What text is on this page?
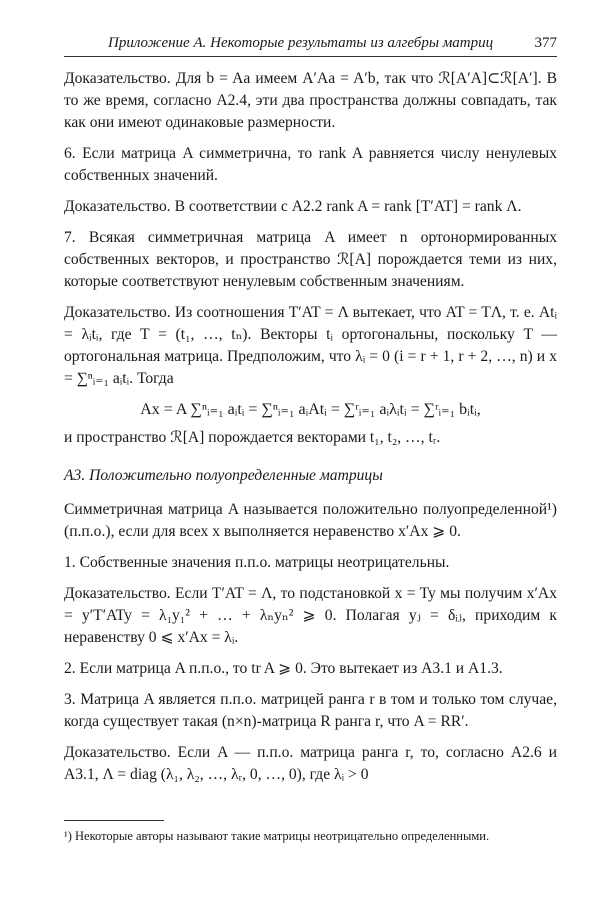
Приложение А. Некоторые результаты из алгебры матриц	377

Доказательство. Для b = Aa имеем A′Aa = A′b, так что ℛ[A′A]⊂ℛ[A′]. В то же время, согласно A2.4, эти два пространства должны совпадать, так как они имеют одинаковые размерности.

6. Если матрица A симметрична, то rank A равняется числу ненулевых собственных значений.

Доказательство. В соответствии с A2.2 rank A = rank [T′AT] = rank Λ.

7. Всякая симметричная матрица A имеет n ортонормированных собственных векторов, и пространство ℛ[A] порождается теми из них, которые соответствуют ненулевым собственным значениям.

Доказательство. Из соотношения T′AT = Λ вытекает, что AT = TΛ, т. е. Atᵢ = λᵢtᵢ, где T = (t₁, …, tₙ). Векторы tᵢ ортогональны, поскольку T — ортогональная матрица. Предположим, что λᵢ = 0 (i = r + 1, r + 2, …, n) и x = ∑ⁿᵢ₌₁ aᵢtᵢ. Тогда

Ax = A ∑ⁿᵢ₌₁ aᵢtᵢ = ∑ⁿᵢ₌₁ aᵢAtᵢ = ∑ʳᵢ₌₁ aᵢλᵢtᵢ = ∑ʳᵢ₌₁ bᵢtᵢ,

и пространство ℛ[A] порождается векторами t₁, t₂, …, tᵣ.

А3. Положительно полуопределенные матрицы

Симметричная матрица A называется положительно полуопределенной¹) (п.п.о.), если для всех x выполняется неравенство x′Ax ⩾ 0.

1. Собственные значения п.п.о. матрицы неотрицательны.

Доказательство. Если T′AT = Λ, то подстановкой x = Ty мы получим x′Ax = y′T′ATy = λ₁y₁² + … + λₙyₙ² ⩾ 0. Полагая yⱼ = δᵢⱼ, приходим к неравенству 0 ⩽ x′Ax = λᵢ.

2. Если матрица A п.п.о., то tr A ⩾ 0. Это вытекает из А3.1 и А1.3.

3. Матрица A является п.п.о. матрицей ранга r в том и только том случае, когда существует такая (n×n)-матрица R ранга r, что A = RR′.

Доказательство. Если A — п.п.о. матрица ранга r, то, согласно А2.6 и А3.1, Λ = diag (λ₁, λ₂, …, λᵣ, 0, …, 0), где λᵢ > 0

¹) Некоторые авторы называют такие матрицы неотрицательно определенными.
